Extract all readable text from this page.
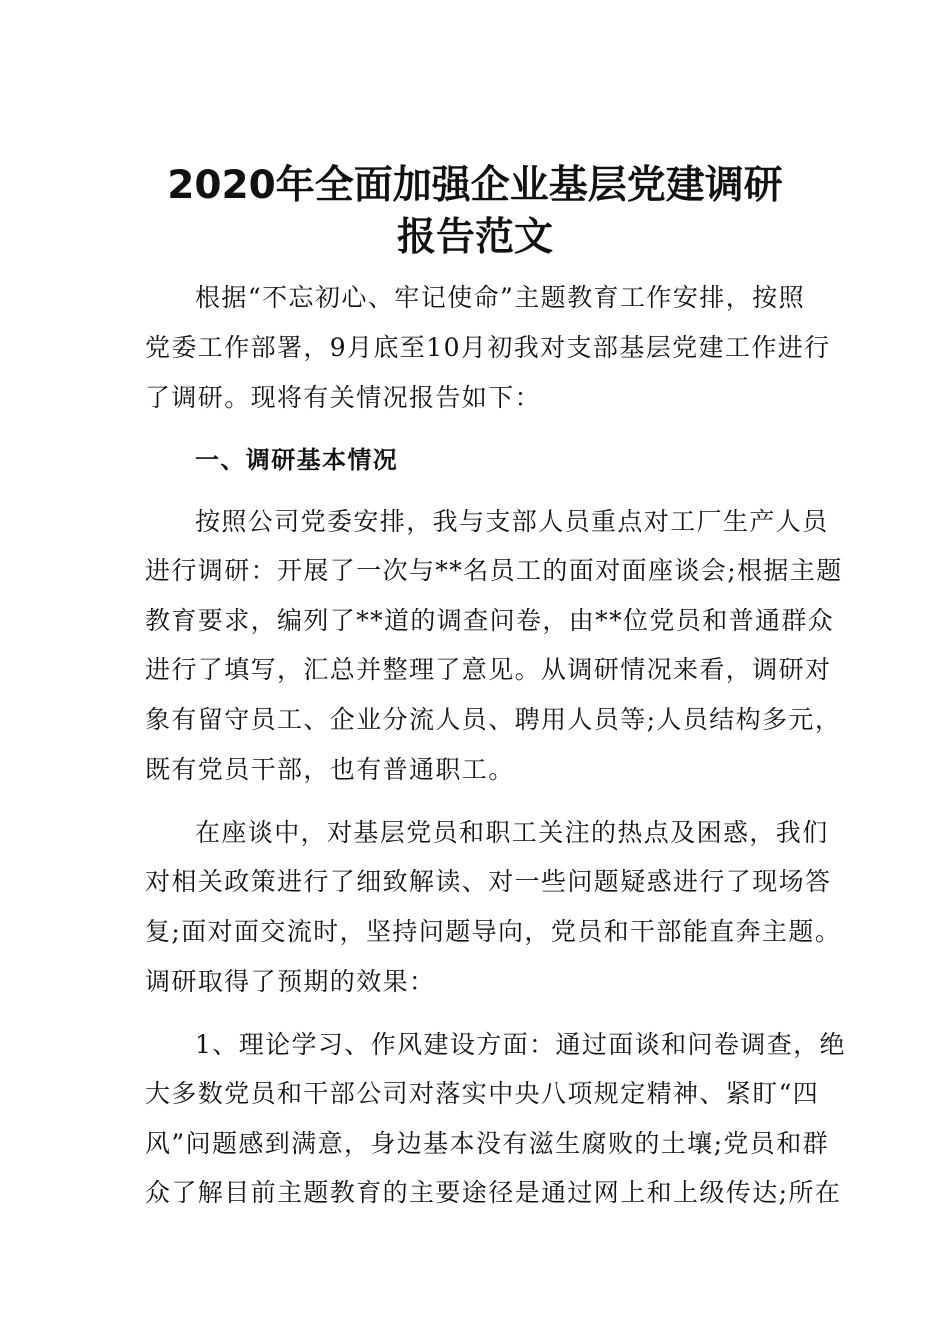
2020年全面加强企业基层党建调研
报告范文
根据“不忘初心、牢记使命”主题教育工作安排，按照
党委工作部署，9月底至10月初我对支部基层党建工作进行
了调研。现将有关情况报告如下：
一、调研基本情况
按照公司党委安排，我与支部人员重点对工厂生产人员
进行调研：开展了一次与**名员工的面对面座谈会;根据主题
教育要求，编列了**道的调查问卷，由**位党员和普通群众
进行了填写，汇总并整理了意见。从调研情况来看，调研对
象有留守员工、企业分流人员、聘用人员等;人员结构多元，
既有党员干部，也有普通职工。
在座谈中，对基层党员和职工关注的热点及困惑，我们
对相关政策进行了细致解读、对一些问题疑惑进行了现场答
复;面对面交流时，坚持问题导向，党员和干部能直奔主题。
调研取得了预期的效果：
1、理论学习、作风建设方面：通过面谈和问卷调查，绝
大多数党员和干部公司对落实中央八项规定精神、紧盯“四
风”问题感到满意，身边基本没有滋生腐败的土壤;党员和群
众了解目前主题教育的主要途径是通过网上和上级传达;所在
